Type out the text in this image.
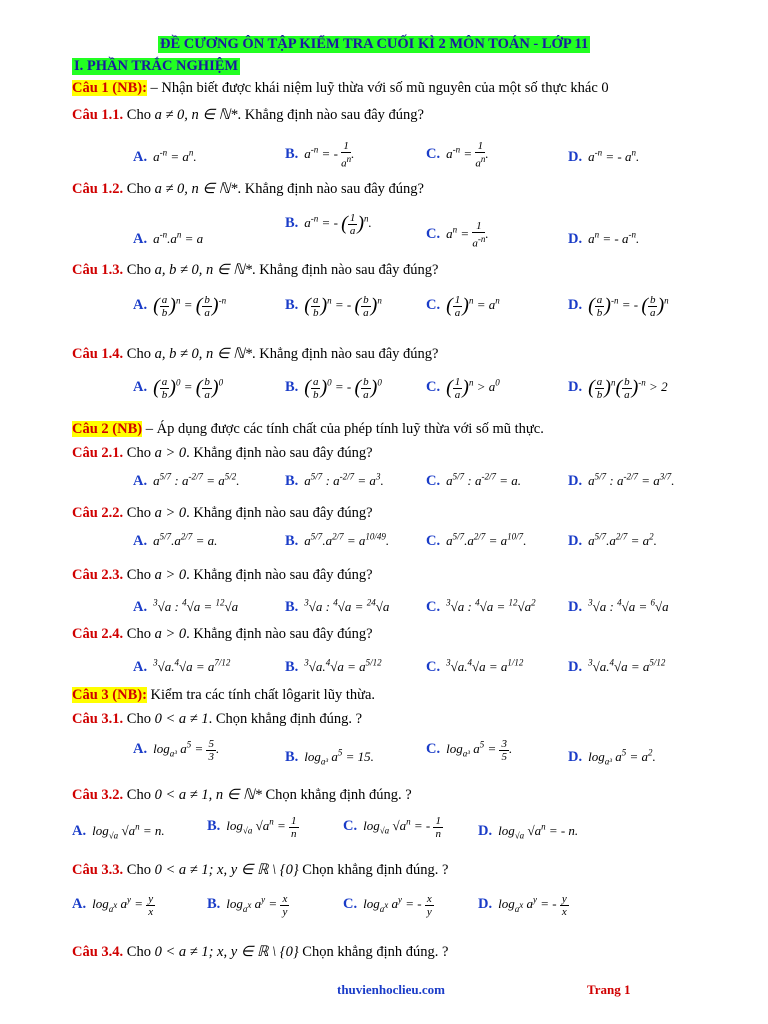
ĐỀ CƯƠNG ÔN TẬP KIỂM TRA CUỐI KÌ 2 MÔN TOÁN - LỚP 11
I. PHẦN TRẮC NGHIỆM
Câu 1 (NB): – Nhận biết được khái niệm luỹ thừa với số mũ nguyên của một số thực khác 0
Câu 1.1. Cho a ≠ 0, n ∈ ℕ*. Khẳng định nào sau đây đúng?
A. $a^{-n} = a^n$.	B. $a^{-n}$ = - $\frac{1}{a^n}$ .	C. $a^{-n} = \frac{1}{a^n}$ .	D. $a^{-n}$ = - $a^n$.
Câu 1.2. Cho a ≠ 0, n ∈ ℕ*. Khẳng định nào sau đây đúng?
A. $a^{-n}.a^n = a$
B. $a^{-n}$ = - ( $\frac{1}{a} )^n$.
C. $a^n = \frac{1}{a^{-n}}$ .	D. $a^n$ = - $a^{-n}$.
Câu 1.3. Cho a, b ≠ 0, n ∈ ℕ*. Khẳng định nào sau đây đúng?
A. ( $\frac{a}{b} )^n$ = ( $\frac{b}{a} )^{-n}$	B. ( $\frac{a}{b} )^n$ = - ( $\frac{b}{a} )^n$	C. ( $\frac{1}{a} )^n = a^n$	D. ( $\frac{a}{b} )^{-n}$ = - ( $\frac{b}{a} )^n$
Câu 1.4. Cho a, b ≠ 0, n ∈ ℕ*. Khẳng định nào sau đây đúng?
A. ( $\frac{a}{b} )^0$ = ( $\frac{b}{a} )^0$	B. ( $\frac{a}{b} )^0$ = - ( $\frac{b}{a} )^0$	C. ( $\frac{1}{a} )^n > a^0$	D. ( $\frac{a}{b} )^n( \frac{b}{a} )^{-n} > 2$
Câu 2 (NB) – Áp dụng được các tính chất của phép tính luỹ thừa với số mũ thực.
Câu 2.1. Cho a > 0. Khẳng định nào sau đây đúng?
A. $a^{5/7}$ : $a^{-2/7} = a^{5/2}$.	B. $a^{5/7}$ : $a^{-2/7} = a^3$.	C. $a^{5/7}$ : $a^{-2/7} = a$.	D. $a^{5/7}$ : $a^{-2/7} = a^{3/7}$.
Câu 2.2. Cho a > 0. Khẳng định nào sau đây đúng?
A. $a^{5/7}.a^{2/7} = a$.	B. $a^{5/7}.a^{2/7} = a^{10/49}$.	C. $a^{5/7}.a^{2/7} = a^{10/7}$.	D. $a^{5/7}.a^{2/7} = a^2$.
Câu 2.3. Cho a > 0. Khẳng định nào sau đây đúng?
A. $^3$√a : $^4$√a = $^{12}$√a	B. $^3$√a : $^4$√a = $^{24}$√a	C. $^3$√a : $^4√a = ^{12}√a^2$ D. $^3$√a : $^4$√a = $^6$√a
Câu 2.4. Cho a > 0. Khẳng định nào sau đây đúng?
A. $^3√a.^4√a = a^{7/12}$	B. $^3√a.^4√a = a^{5/12}$	C. $^3√a.^4√a = a^{1/12}$	D. $^3√a.^4√a = a^{5/12}$
Câu 3 (NB): Kiểm tra các tính chất lôgarit lũy thừa.
Câu 3.1. Cho 0 < a ≠ 1. Chọn khẳng định đúng. ?
A. $\log_{a^3} a^5 = \frac{5}{3}$ .
B. $\log_{a^3} a^5 = 15$.	C. $\log_{a^3} a^5 = \frac{3}{5}$ .
D. $\log_{a^3} a^5 = a^2$.
Câu 3.2. Cho 0 < a ≠ 1, n ∈ ℕ* Chọn khẳng định đúng. ?
A. $\log_{√a} √a^n = n$.	B. $\log_{√a} √a^n = \frac{1}{n}$	C. $\log_{√a} √a^n$ = - $\frac{1}{n} D$. $\log_{√a} √a^n$ = - n.
Câu 3.3. Cho 0 < a ≠ 1; x, y ∈ ℝ \ {0} Chọn khẳng định đúng. ?
A. $\log_{a^x} a^y = \frac{y}{x}$	B. $\log_{a^x} a^y = \frac{x}{y}$	C. $\log_{a^x} a^y$ = - $\frac{x}{y}$	D. $\log_{a^x} a^y$ = - $\frac{y}{x}$
Câu 3.4. Cho 0 < a ≠ 1; x, y ∈ ℝ \ {0} Chọn khẳng định đúng. ?
thuvienhoclieu.com	Trang 1
